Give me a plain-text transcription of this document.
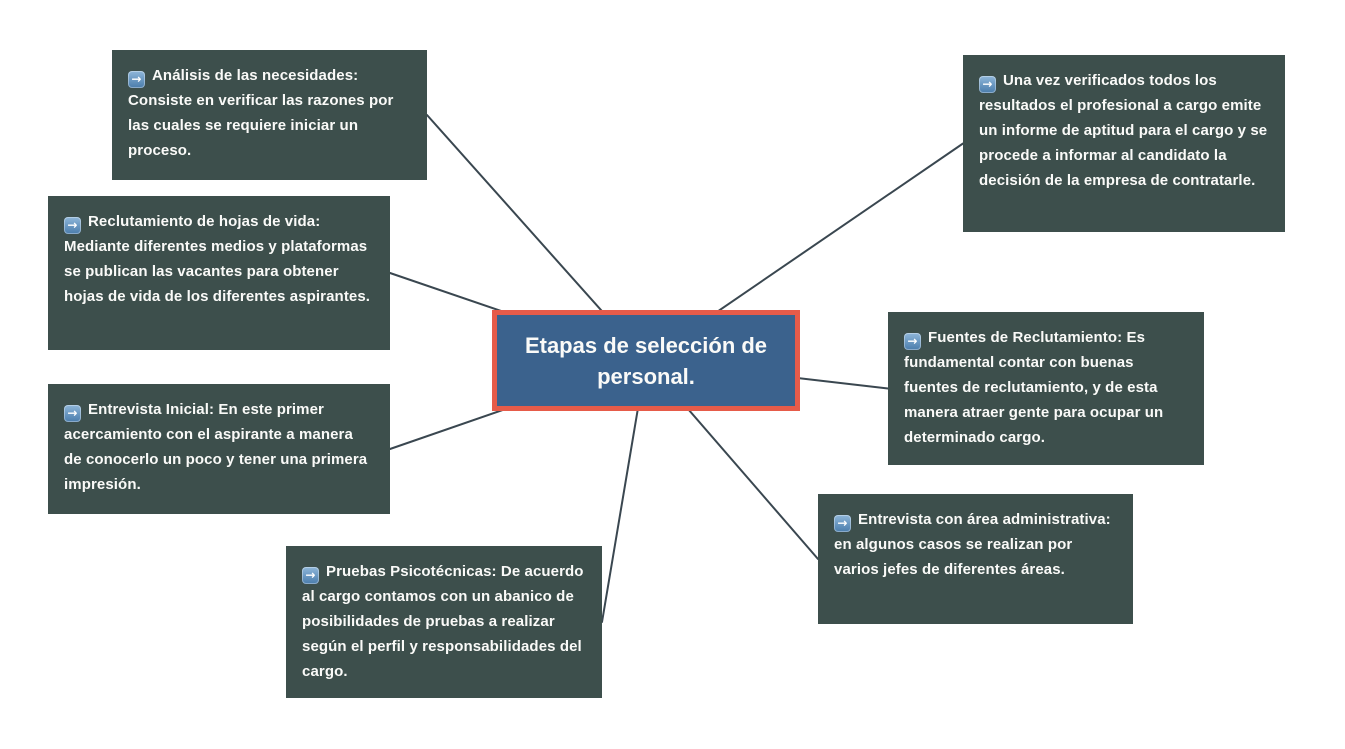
→ Análisis de las necesidades: Consiste en verificar las razones por las cuales se requiere iniciar un proceso.
→ Reclutamiento de hojas de vida: Mediante diferentes medios y plataformas se publican las vacantes para obtener hojas de vida de los diferentes aspirantes.
→ Entrevista Inicial: En este primer acercamiento con el aspirante a manera de conocerlo un poco y tener una primera impresión.
→ Pruebas Psicotécnicas: De acuerdo al cargo contamos con un abanico de posibilidades de pruebas a realizar según el perfil y responsabilidades del cargo.
→ Una vez verificados todos los resultados el profesional a cargo emite un informe de aptitud para el cargo y se procede a informar al candidato la decisión de la empresa de contratarle.
→ Fuentes de Reclutamiento: Es fundamental contar con buenas fuentes de reclutamiento, y de esta manera atraer gente para ocupar un determinado cargo.
→ Entrevista con área administrativa: en algunos casos se realizan por varios jefes de diferentes áreas.
Etapas de selección de personal.
